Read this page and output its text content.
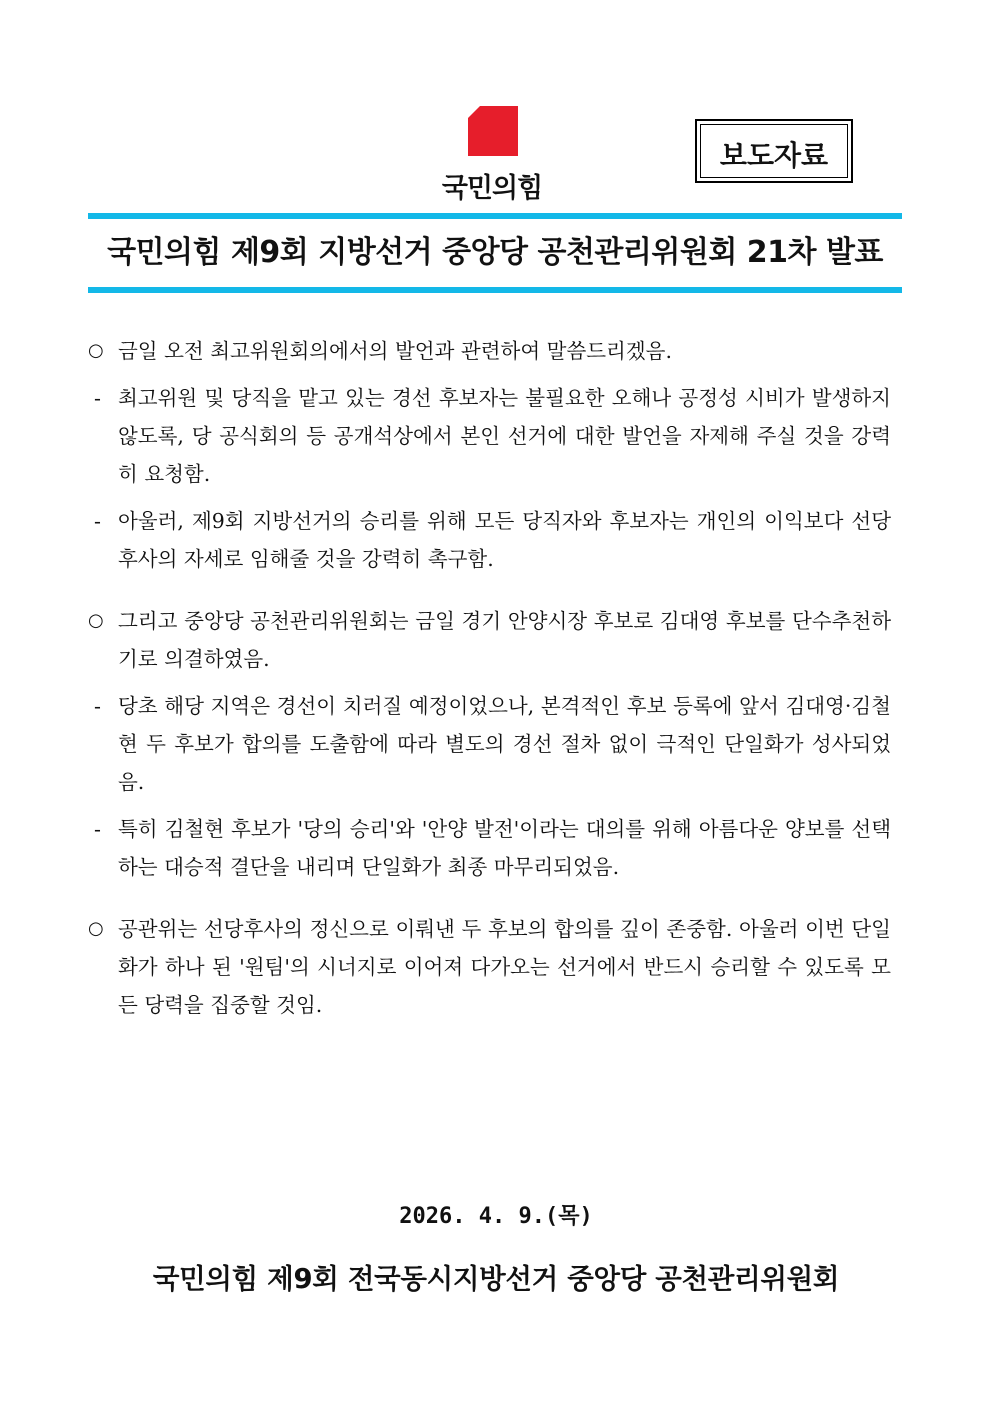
국민의힘
보도자료
국민의힘 제9회 지방선거 중앙당 공천관리위원회 21차 발표
○ 금일 오전 최고위원회의에서의 발언과 관련하여 말씀드리겠음.
- 최고위원 및 당직을 맡고 있는 경선 후보자는 불필요한 오해나 공정성 시비가 발생하지 않도록, 당 공식회의 등 공개석상에서 본인 선거에 대한 발언을 자제해 주실 것을 강력히 요청함.
- 아울러, 제9회 지방선거의 승리를 위해 모든 당직자와 후보자는 개인의 이익보다 선당후사의 자세로 임해줄 것을 강력히 촉구함.
○ 그리고 중앙당 공천관리위원회는 금일 경기 안양시장 후보로 김대영 후보를 단수추천하기로 의결하였음.
- 당초 해당 지역은 경선이 치러질 예정이었으나, 본격적인 후보 등록에 앞서 김대영·김철현 두 후보가 합의를 도출함에 따라 별도의 경선 절차 없이 극적인 단일화가 성사되었음.
- 특히 김철현 후보가 '당의 승리'와 '안양 발전'이라는 대의를 위해 아름다운 양보를 선택하는 대승적 결단을 내리며 단일화가 최종 마무리되었음.
○ 공관위는 선당후사의 정신으로 이뤄낸 두 후보의 합의를 깊이 존중함. 아울러 이번 단일화가 하나 된 '원팀'의 시너지로 이어져 다가오는 선거에서 반드시 승리할 수 있도록 모든 당력을 집중할 것임.
2026. 4. 9.(목)
국민의힘 제9회 전국동시지방선거 중앙당 공천관리위원회
